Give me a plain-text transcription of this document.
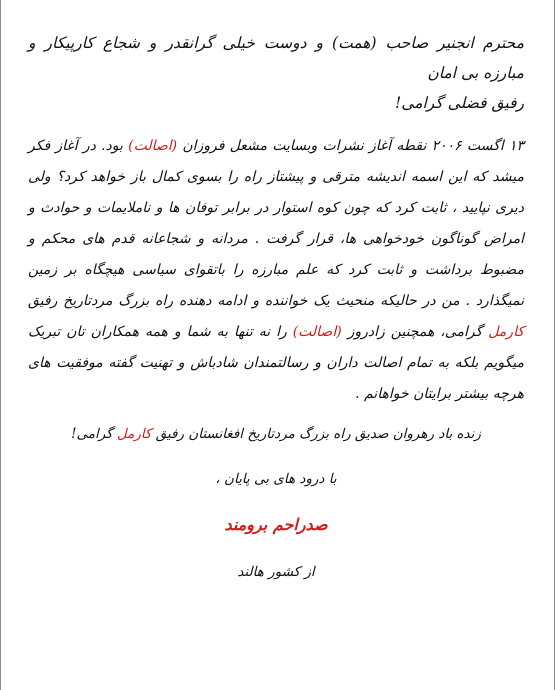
محترم انجنیر صاحب (همت) و دوست خیلی گرانقدر و شجاع کارپیکار و مبارزه بی امان
رفیق فضلی گرامی!

۱۳ اگست ۲۰۰۶ نقطه آغاز نشرات وبسایت مشعل فروزان (اصالت) بود. در آغاز فکر میشد که این اسمه اندیشه مترقی و پیشتاز راه را بسوی کمال باز خواهد کرد؟ ولی دیری نپایید ، ثابت کرد که چون کوه استوار در برابر توفان ها و ناملایمات و حوادث و امراض گوناگون خودخواهی ها، قرار گرفت . مردانه و شجاعانه قدم های محکم و مضبوط برداشت و ثابت کرد که علم مبارزه را باتقوای سیاسی هیچگاه بر زمین نمیگذارد . من در حالیکه منحیث یک خواننده و ادامه دهنده راه بزرگ مردتاریخ رفیق کارمل گرامی، همچنین زادروز (اصالت) را نه تنها به شما و همه همکاران تان تبریک میگویم بلکه به تمام اصالت داران و رسالتمندان شادباش و تهنیت گفته موفقیت های هرچه بیشتر برایتان خواهانم .

زنده باد رهروان صدیق راه بزرگ مردتاریخ افغانستان رفیق کارمل گرامی!

با درود های بی پایان ،

صدراحم برومند

از کشور هالند
